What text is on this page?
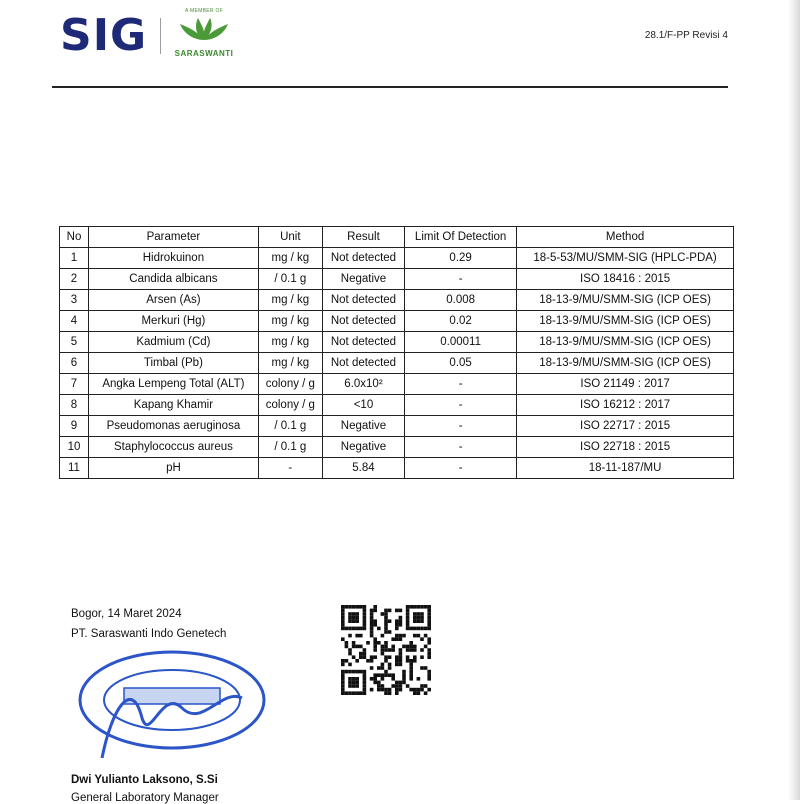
SIG	A MEMBER OF
SARASWANTI
28.1/F-PP Revisi 4
No	Parameter	Unit	Result	Limit Of Detection	Method
1	Hidrokuinon	mg / kg	Not detected	0.29	18-5-53/MU/SMM-SIG (HPLC-PDA)
2	Candida albicans	/ 0.1 g	Negative	-	ISO 18416 : 2015
3	Arsen (As)	mg / kg	Not detected	0.008	18-13-9/MU/SMM-SIG (ICP OES)
4	Merkuri (Hg)	mg / kg	Not detected	0.02	18-13-9/MU/SMM-SIG (ICP OES)
5	Kadmium (Cd)	mg / kg	Not detected	0.00011	18-13-9/MU/SMM-SIG (ICP OES)
6	Timbal (Pb)	mg / kg	Not detected	0.05	18-13-9/MU/SMM-SIG (ICP OES)
7	Angka Lempeng Total (ALT)	colony / g	6.0x10²	-	ISO 21149 : 2017
8	Kapang Khamir	colony / g	<10	-	ISO 16212 : 2017
9	Pseudomonas aeruginosa	/ 0.1 g	Negative	-	ISO 22717 : 2015
10	Staphylococcus aureus	/ 0.1 g	Negative	-	ISO 22718 : 2015
11	pH	-	5.84	-	18-11-187/MU
Bogor, 14 Maret 2024
PT. Saraswanti Indo Genetech
Dwi Yulianto Laksono, S.Si
General Laboratory Manager
